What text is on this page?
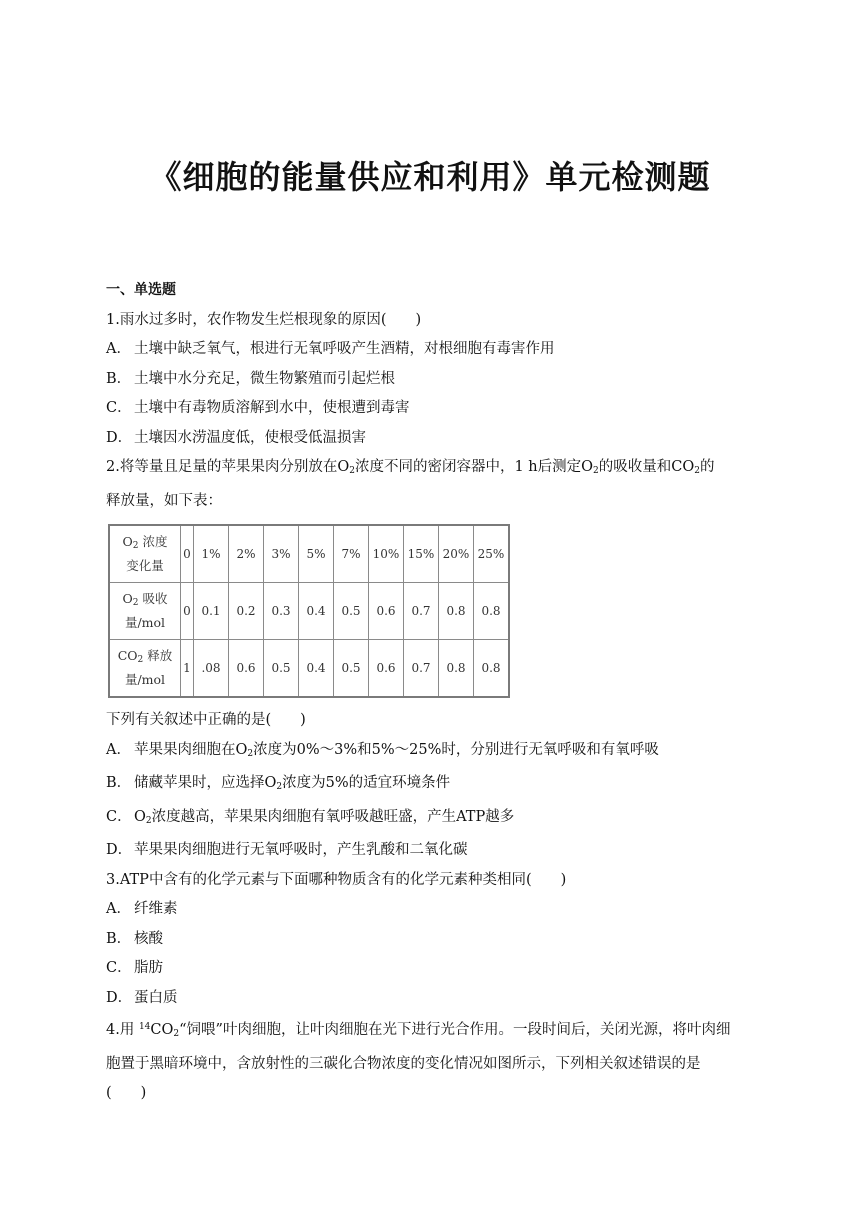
《细胞的能量供应和利用》单元检测题
一、单选题
1.雨水过多时，农作物发生烂根现象的原因(　　)
A． 土壤中缺乏氧气，根进行无氧呼吸产生酒精，对根细胞有毒害作用
B． 土壤中水分充足，微生物繁殖而引起烂根
C． 土壤中有毒物质溶解到水中，使根遭到毒害
D． 土壤因水涝温度低，使根受低温损害
2.将等量且足量的苹果果肉分别放在$O_2$浓度不同的密闭容器中，1 h后测定$O_2$的吸收量和$CO_2$的
释放量，如下表：
$O_2$ 浓度
变化量	0	1%	2%	3%	5%	7%	10%	15%	20%	25%
$O_2$ 吸收
量/mol	0	0.1	0.2	0.3	0.4	0.5	0.6	0.7	0.8	0.8
$CO_2$ 释放
量/mol	1	.08	0.6	0.5	0.4	0.5	0.6	0.7	0.8	0.8
下列有关叙述中正确的是(　　)
A． 苹果果肉细胞在$O_2$浓度为0%～3%和5%～25%时，分别进行无氧呼吸和有氧呼吸
B． 储藏苹果时，应选择$O_2$浓度为5%的适宜环境条件
C． $O_2$浓度越高，苹果果肉细胞有氧呼吸越旺盛，产生ATP越多
D． 苹果果肉细胞进行无氧呼吸时，产生乳酸和二氧化碳
3.ATP中含有的化学元素与下面哪种物质含有的化学元素种类相同(　　)
A． 纤维素
B． 核酸
C． 脂肪
D． 蛋白质
4.用 $^{14}CO_2“$饲喂”叶肉细胞，让叶肉细胞在光下进行光合作用。一段时间后，关闭光源，将叶肉细
胞置于黑暗环境中，含放射性的三碳化合物浓度的变化情况如图所示，下列相关叙述错误的是
(　　)
